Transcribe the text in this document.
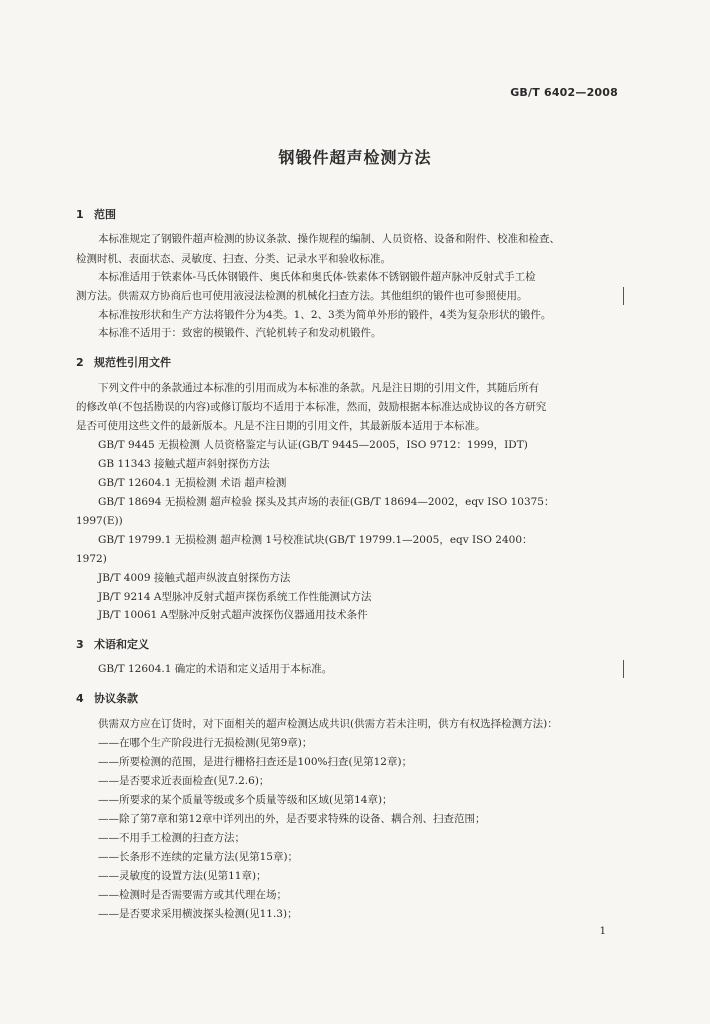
GB/T 6402—2008
钢锻件超声检测方法
1 范围
本标准规定了钢锻件超声检测的协议条款、操作规程的编制、人员资格、设备和附件、校准和检查、
检测时机、表面状态、灵敏度、扫查、分类、记录水平和验收标准。
本标准适用于铁素体-马氏体钢锻件、奥氏体和奥氏体-铁素体不锈钢锻件超声脉冲反射式手工检
测方法。供需双方协商后也可使用液浸法检测的机械化扫查方法。其他组织的锻件也可参照使用。
本标准按形状和生产方法将锻件分为4类。1、2、3类为简单外形的锻件，4类为复杂形状的锻件。
本标准不适用于：致密的模锻件、汽轮机转子和发动机锻件。
2 规范性引用文件
下列文件中的条款通过本标准的引用而成为本标准的条款。凡是注日期的引用文件，其随后所有
的修改单(不包括勘误的内容)或修订版均不适用于本标准，然而，鼓励根据本标准达成协议的各方研究
是否可使用这些文件的最新版本。凡是不注日期的引用文件，其最新版本适用于本标准。
GB/T 9445 无损检测 人员资格鉴定与认证(GB/T 9445—2005，ISO 9712：1999，IDT)
GB 11343 接触式超声斜射探伤方法
GB/T 12604.1 无损检测 术语 超声检测
GB/T 18694 无损检测 超声检验 探头及其声场的表征(GB/T 18694—2002，eqv ISO 10375：
1997(E))
GB/T 19799.1 无损检测 超声检测 1号校准试块(GB/T 19799.1—2005，eqv ISO 2400：
1972)
JB/T 4009 接触式超声纵波直射探伤方法
JB/T 9214 A型脉冲反射式超声探伤系统工作性能测试方法
JB/T 10061 A型脉冲反射式超声波探伤仪器通用技术条件
3 术语和定义
GB/T 12604.1 确定的术语和定义适用于本标准。
4 协议条款
供需双方应在订货时，对下面相关的超声检测达成共识(供需方若未注明，供方有权选择检测方法)：
——在哪个生产阶段进行无损检测(见第9章)；
——所要检测的范围，是进行栅格扫查还是100%扫查(见第12章)；
——是否要求近表面检查(见7.2.6)；
——所要求的某个质量等级或多个质量等级和区域(见第14章)；
——除了第7章和第12章中详列出的外，是否要求特殊的设备、耦合剂、扫查范围；
——不用手工检测的扫查方法；
——长条形不连续的定量方法(见第15章)；
——灵敏度的设置方法(见第11章)；
——检测时是否需要需方或其代理在场；
——是否要求采用横波探头检测(见11.3)；
1
